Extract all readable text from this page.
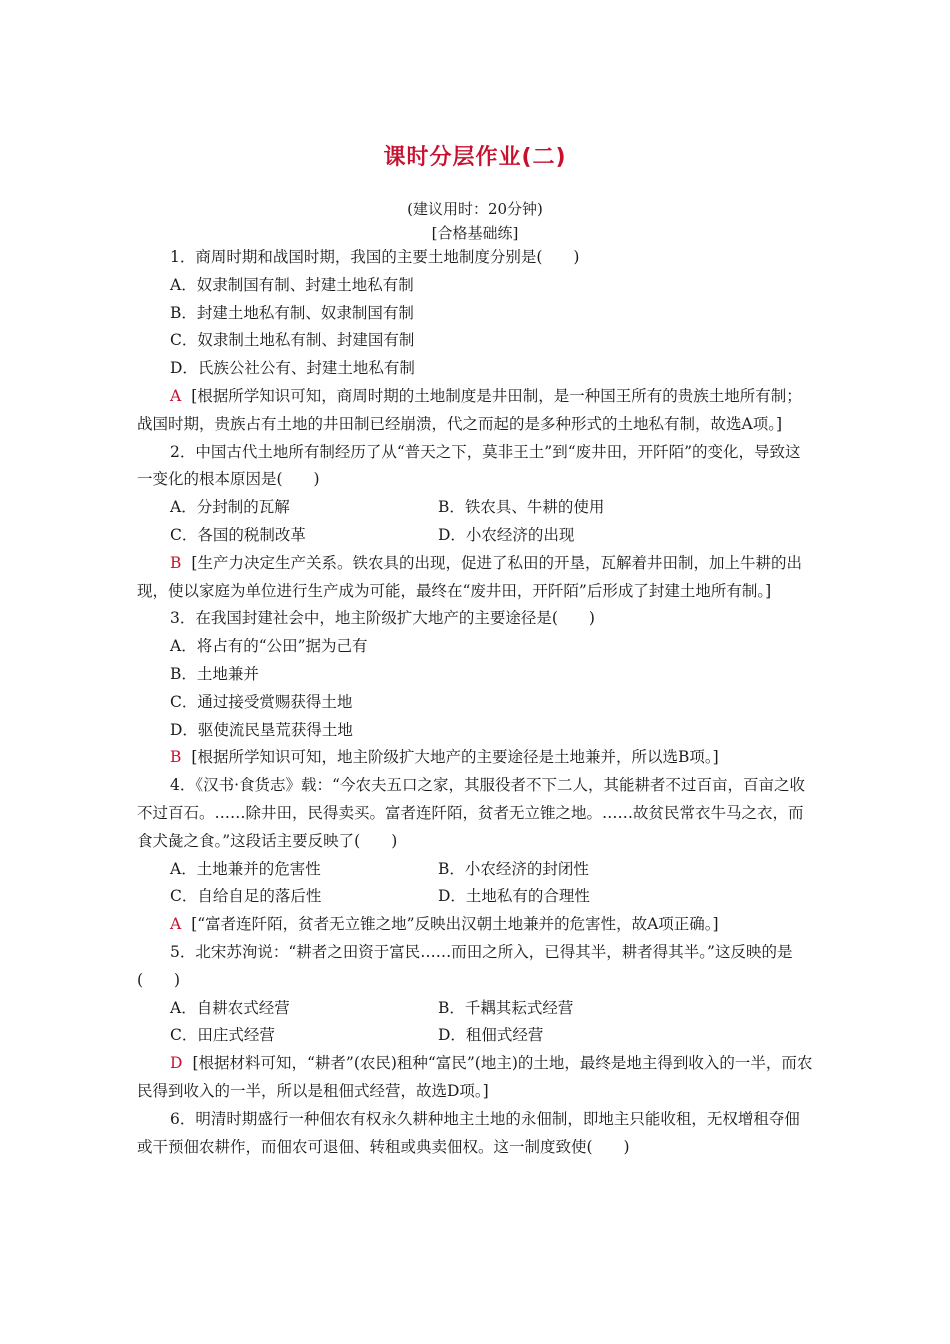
课时分层作业(二)
(建议用时：20分钟)
[合格基础练]

1．商周时期和战国时期，我国的主要土地制度分别是(　　)

A．奴隶制国有制、封建土地私有制

B．封建土地私有制、奴隶制国有制

C．奴隶制土地私有制、封建国有制

D．氏族公社公有、封建土地私有制

A [根据所学知识可知，商周时期的土地制度是井田制，是一种国王所有的贵族土地所有制；战国时期，贵族占有土地的井田制已经崩溃，代之而起的是多种形式的土地私有制，故选A项。]

2．中国古代土地所有制经历了从“普天之下，莫非王土”到“废井田，开阡陌”的变化，导致这一变化的根本原因是(　　)

A．分封制的瓦解	B．铁农具、牛耕的使用
C．各国的税制改革	D．小农经济的出现

B [生产力决定生产关系。铁农具的出现，促进了私田的开垦，瓦解着井田制，加上牛耕的出现，使以家庭为单位进行生产成为可能，最终在“废井田，开阡陌”后形成了封建土地所有制。]

3．在我国封建社会中，地主阶级扩大地产的主要途径是(　　)

A．将占有的“公田”据为己有

B．土地兼并

C．通过接受赏赐获得土地

D．驱使流民垦荒获得土地

B [根据所学知识可知，地主阶级扩大地产的主要途径是土地兼并，所以选B项。]

4．《汉书·食货志》载：“今农夫五口之家，其服役者不下二人，其能耕者不过百亩，百亩之收不过百石。……除井田，民得卖买。富者连阡陌，贫者无立锥之地。……故贫民常衣牛马之衣，而食犬彘之食。”这段话主要反映了(　　)

A．土地兼并的危害性	B．小农经济的封闭性
C．自给自足的落后性	D．土地私有的合理性

A [“富者连阡陌，贫者无立锥之地”反映出汉朝土地兼并的危害性，故A项正确。]

5．北宋苏洵说：“耕者之田资于富民……而田之所入，已得其半，耕者得其半。”这反映的是(　　)

A．自耕农式经营	B．千耦其耘式经营
C．田庄式经营	D．租佃式经营

D [根据材料可知，“耕者”(农民)租种“富民”(地主)的土地，最终是地主得到收入的一半，而农民得到收入的一半，所以是租佃式经营，故选D项。]

6．明清时期盛行一种佃农有权永久耕种地主土地的永佃制，即地主只能收租，无权增租夺佃或干预佃农耕作，而佃农可退佃、转租或典卖佃权。这一制度致使(　　)
